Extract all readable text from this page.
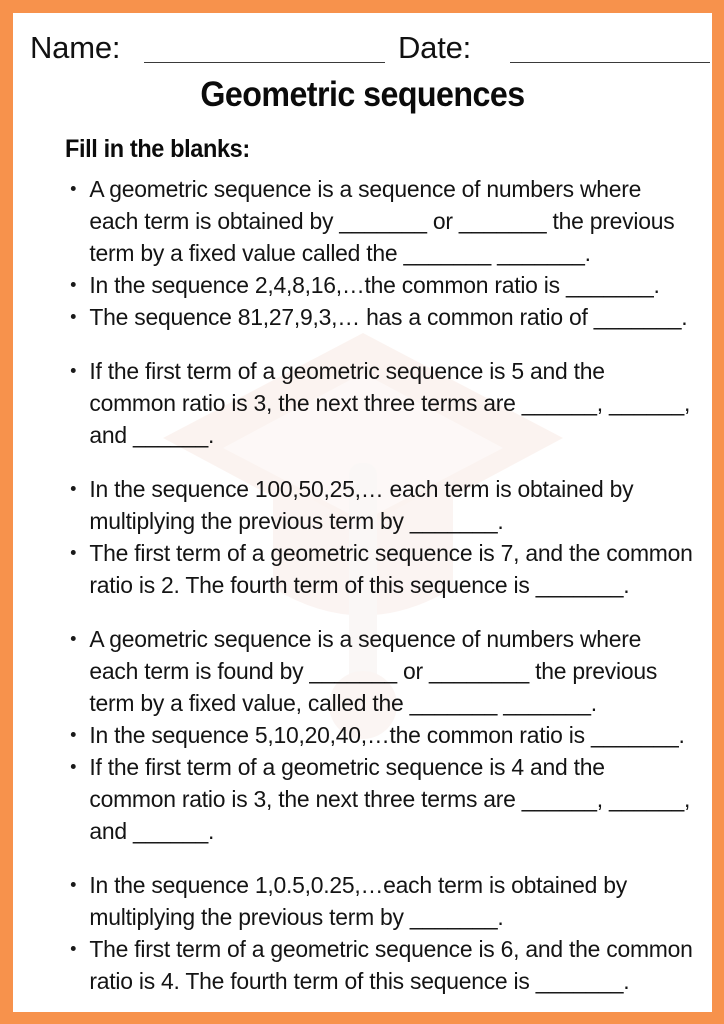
Name:	Date:
Geometric sequences
Fill in the blanks:
A geometric sequence is a sequence of numbers where each term is obtained by _______ or _______ the previous term by a fixed value called the _______ _______.
In the sequence 2,4,8,16,…the common ratio is _______.
The sequence 81,27,9,3,… has a common ratio of _______.
If the first term of a geometric sequence is 5 and the common ratio is 3, the next three terms are ______, ______, and ______.
In the sequence 100,50,25,… each term is obtained by multiplying the previous term by _______.
The first term of a geometric sequence is 7, and the common ratio is 2. The fourth term of this sequence is _______.
A geometric sequence is a sequence of numbers where each term is found by _______ or ________ the previous term by a fixed value, called the _______ _______.
In the sequence 5,10,20,40,…the common ratio is _______.
If the first term of a geometric sequence is 4 and the common ratio is 3, the next three terms are ______, ______, and ______.
In the sequence 1,0.5,0.25,…each term is obtained by multiplying the previous term by _______.
The first term of a geometric sequence is 6, and the common ratio is 4. The fourth term of this sequence is _______.
